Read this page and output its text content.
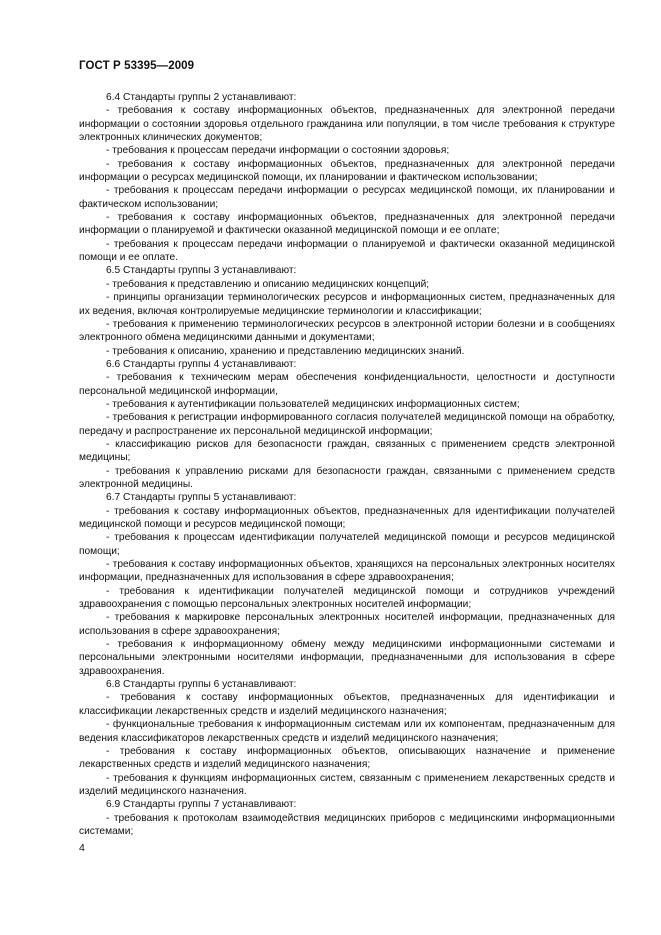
ГОСТ Р 53395—2009

6.4 Стандарты группы 2 устанавливают:

- требования к составу информационных объектов, предназначенных для электронной передачи информации о состоянии здоровья отдельного гражданина или популяции, в том числе требования к структуре электронных клинических документов;

- требования к процессам передачи информации о состоянии здоровья;

- требования к составу информационных объектов, предназначенных для электронной передачи информации о ресурсах медицинской помощи, их планировании и фактическом использовании;

- требования к процессам передачи информации о ресурсах медицинской помощи, их планировании и фактическом использовании;

- требования к составу информационных объектов, предназначенных для электронной передачи информации о планируемой и фактически оказанной медицинской помощи и ее оплате;

- требования к процессам передачи информации о планируемой и фактически оказанной медицинской помощи и ее оплате.

6.5 Стандарты группы 3 устанавливают:

- требования к представлению и описанию медицинских концепций;

- принципы организации терминологических ресурсов и информационных систем, предназначенных для их ведения, включая контролируемые медицинские терминологии и классификации;

- требования к применению терминологических ресурсов в электронной истории болезни и в сообщениях электронного обмена медицинскими данными и документами;

- требования к описанию, хранению и представлению медицинских знаний.

6.6 Стандарты группы 4 устанавливают:

- требования к техническим мерам обеспечения конфиденциальности, целостности и доступности персональной медицинской информации,

- требования к аутентификации пользователей медицинских информационных систем;

- требования к регистрации информированного согласия получателей медицинской помощи на обработку, передачу и распространение их персональной медицинской информации;

- классификацию рисков для безопасности граждан, связанных с применением средств электронной медицины;

- требования к управлению рисками для безопасности граждан, связанными с применением средств электронной медицины.

6.7 Стандарты группы 5 устанавливают:

- требования к составу информационных объектов, предназначенных для идентификации получателей медицинской помощи и ресурсов медицинской помощи;

- требования к процессам идентификации получателей медицинской помощи и ресурсов медицинской помощи;

- требования к составу информационных объектов, хранящихся на персональных электронных носителях информации, предназначенных для использования в сфере здравоохранения;

- требования к идентификации получателей медицинской помощи и сотрудников учреждений здравоохранения с помощью персональных электронных носителей информации;

- требования к маркировке персональных электронных носителей информации, предназначенных для использования в сфере здравоохранения;

- требования к информационному обмену между медицинскими информационными системами и персональными электронными носителями информации, предназначенными для использования в сфере здравоохранения.

6.8 Стандарты группы 6 устанавливают:

- требования к составу информационных объектов, предназначенных для идентификации и классификации лекарственных средств и изделий медицинского назначения;

- функциональные требования к информационным системам или их компонентам, предназначенным для ведения классификаторов лекарственных средств и изделий медицинского назначения;

- требования к составу информационных объектов, описывающих назначение и применение лекарственных средств и изделий медицинского назначения;

- требования к функциям информационных систем, связанным с применением лекарственных средств и изделий медицинского назначения.

6.9 Стандарты группы 7 устанавливают:

- требования к протоколам взаимодействия медицинских приборов с медицинскими информационными системами;

4
